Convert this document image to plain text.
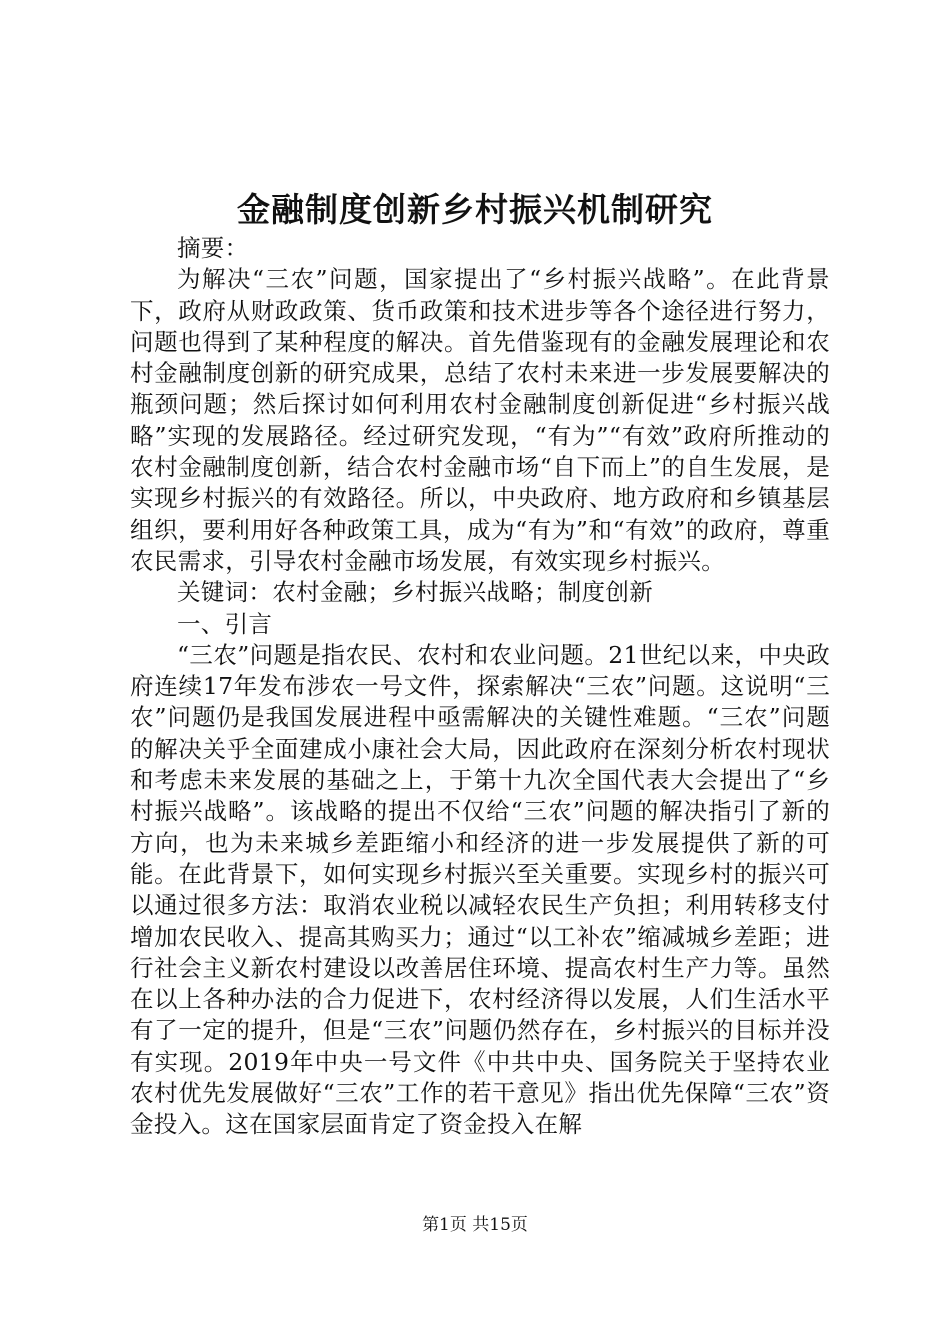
金融制度创新乡村振兴机制研究

摘要：

为解决“三农”问题，国家提出了“乡村振兴战略”。在此背景下，政府从财政政策、货币政策和技术进步等各个途径进行努力，问题也得到了某种程度的解决。首先借鉴现有的金融发展理论和农村金融制度创新的研究成果，总结了农村未来进一步发展要解决的瓶颈问题；然后探讨如何利用农村金融制度创新促进“乡村振兴战略”实现的发展路径。经过研究发现，“有为”“有效”政府所推动的农村金融制度创新，结合农村金融市场“自下而上”的自生发展，是实现乡村振兴的有效路径。所以，中央政府、地方政府和乡镇基层组织，要利用好各种政策工具，成为“有为”和“有效”的政府，尊重农民需求，引导农村金融市场发展，有效实现乡村振兴。

关键词：农村金融；乡村振兴战略；制度创新

一、引言

“三农”问题是指农民、农村和农业问题。21世纪以来，中央政府连续17年发布涉农一号文件，探索解决“三农”问题。这说明“三农”问题仍是我国发展进程中亟需解决的关键性难题。“三农”问题的解决关乎全面建成小康社会大局，因此政府在深刻分析农村现状和考虑未来发展的基础之上，于第十九次全国代表大会提出了“乡村振兴战略”。该战略的提出不仅给“三农”问题的解决指引了新的方向，也为未来城乡差距缩小和经济的进一步发展提供了新的可能。在此背景下，如何实现乡村振兴至关重要。实现乡村的振兴可以通过很多方法：取消农业税以减轻农民生产负担；利用转移支付增加农民收入、提高其购买力；通过“以工补农”缩减城乡差距；进行社会主义新农村建设以改善居住环境、提高农村生产力等。虽然在以上各种办法的合力促进下，农村经济得以发展，人们生活水平有了一定的提升，但是“三农”问题仍然存在，乡村振兴的目标并没有实现。2019年中央一号文件《中共中央、国务院关于坚持农业农村优先发展做好“三农”工作的若干意见》指出优先保障“三农”资金投入。这在国家层面肯定了资金投入在解

第1页 共15页
